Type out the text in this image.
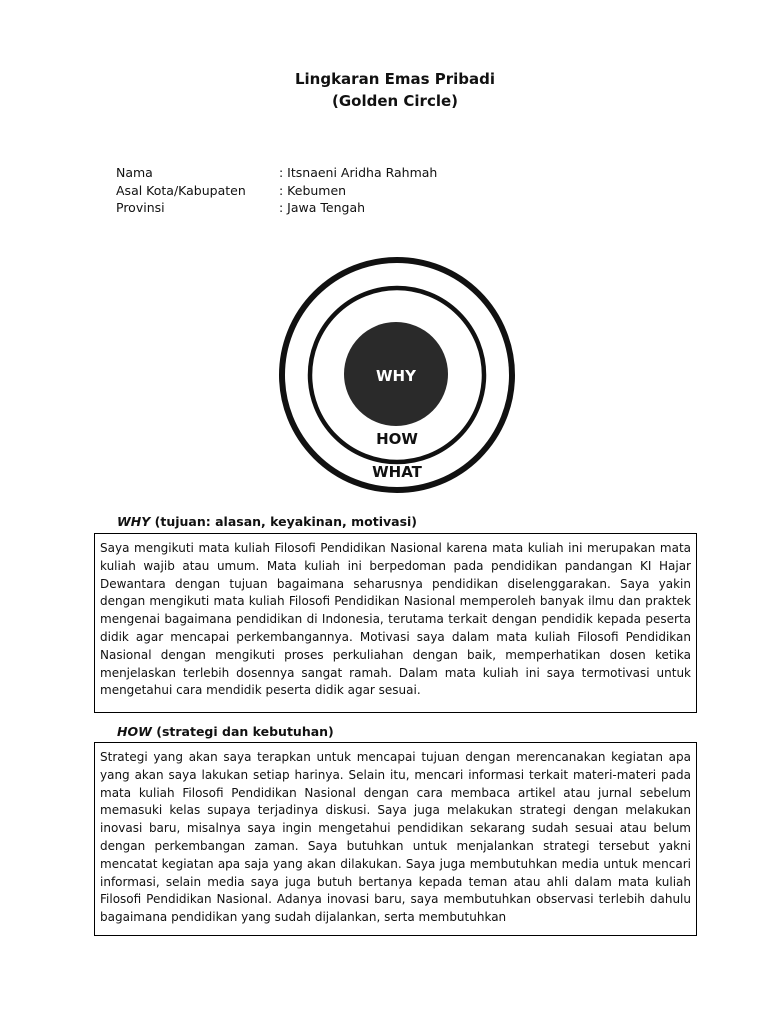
Lingkaran Emas Pribadi
(Golden Circle)
Nama	: Itsnaeni Aridha Rahmah
Asal Kota/Kabupaten	: Kebumen
Provinsi	: Jawa Tengah
WHY
HOW
WHAT
WHY (tujuan: alasan, keyakinan, motivasi)
Saya mengikuti mata kuliah Filosofi Pendidikan Nasional karena mata kuliah ini merupakan mata kuliah wajib atau umum. Mata kuliah ini berpedoman pada pendidikan pandangan KI Hajar Dewantara dengan tujuan bagaimana seharusnya pendidikan diselenggarakan. Saya yakin dengan mengikuti mata kuliah Filosofi Pendidikan Nasional memperoleh banyak ilmu dan praktek mengenai bagaimana pendidikan di Indonesia, terutama terkait dengan pendidik kepada peserta didik agar mencapai perkembangannya. Motivasi saya dalam mata kuliah Filosofi Pendidikan Nasional dengan mengikuti proses perkuliahan dengan baik, memperhatikan dosen ketika menjelaskan terlebih dosennya sangat ramah. Dalam mata kuliah ini saya termotivasi untuk mengetahui cara mendidik peserta didik agar sesuai.
HOW (strategi dan kebutuhan)
Strategi yang akan saya terapkan untuk mencapai tujuan dengan merencanakan kegiatan apa yang akan saya lakukan setiap harinya. Selain itu, mencari informasi terkait materi-materi pada mata kuliah Filosofi Pendidikan Nasional dengan cara membaca artikel atau jurnal sebelum memasuki kelas supaya terjadinya diskusi. Saya juga melakukan strategi dengan melakukan inovasi baru, misalnya saya ingin mengetahui pendidikan sekarang sudah sesuai atau belum dengan perkembangan zaman. Saya butuhkan untuk menjalankan strategi tersebut yakni mencatat kegiatan apa saja yang akan dilakukan. Saya juga membutuhkan media untuk mencari informasi, selain media saya juga butuh bertanya kepada teman atau ahli dalam mata kuliah Filosofi Pendidikan Nasional. Adanya inovasi baru, saya membutuhkan observasi terlebih dahulu bagaimana pendidikan yang sudah dijalankan, serta membutuhkan
